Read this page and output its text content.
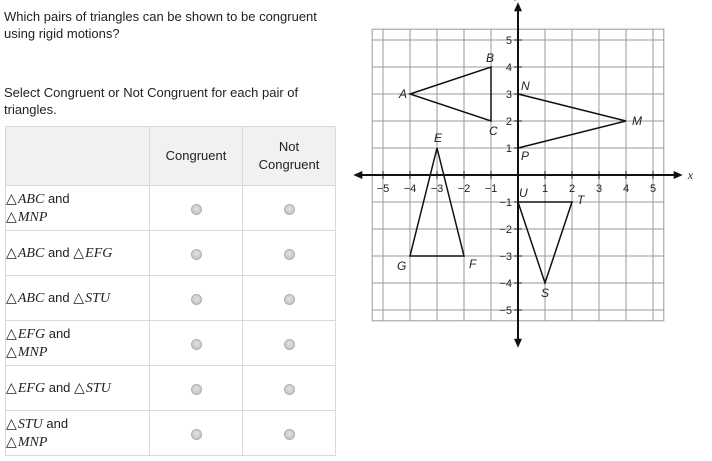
Which pairs of triangles can be shown to be congruent using rigid motions?
Select Congruent or Not Congruent for each pair of triangles.
	Congruent	Not
Congruent
△ ABC and
△ MNP		
△ ABC and △ EFG		
△ ABC and △ STU		
△ EFG and
△ MNP		
△ EFG and △ STU		
△ STU and
△ MNP		
x
−5 −4 −3 −2 −1	1 2 3 4 5
5
4
3
2
1
−1
−2
−3
−4
−5
A
B
C
M
N
P
E
F
G
S
T
U
